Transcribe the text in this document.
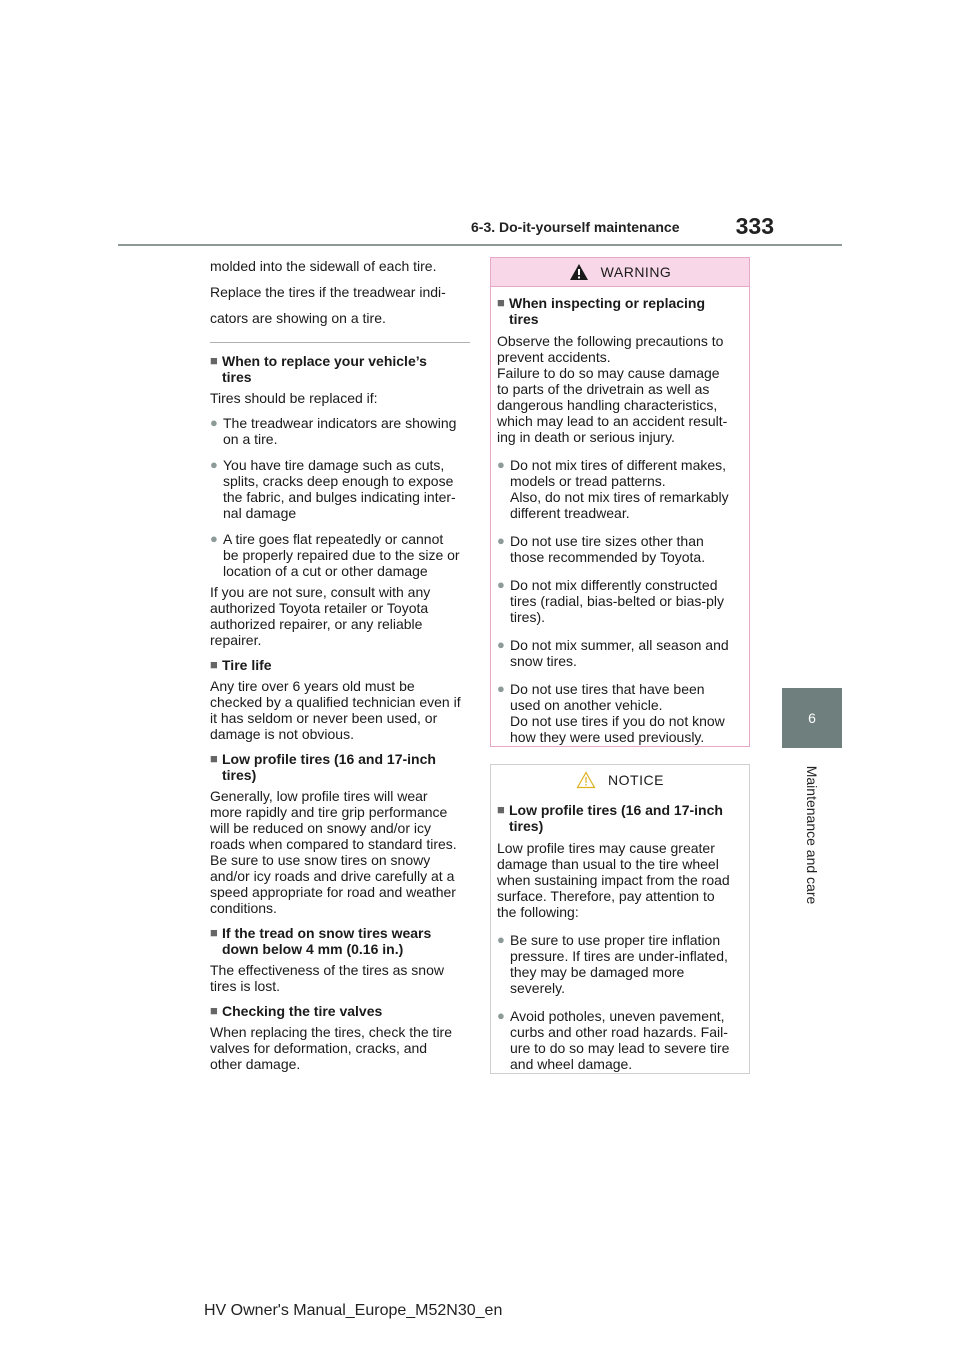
6-3. Do-it-yourself maintenance	333
6
Maintenance and care

molded into the sidewall of each tire.

Replace the tires if the treadwear indi-

cators are showing on a tire.

■ When to replace your vehicle’s
tires
Tires should be replaced if:
● The treadwear indicators are showing
on a tire.
● You have tire damage such as cuts,
splits, cracks deep enough to expose
the fabric, and bulges indicating inter-
nal damage
● A tire goes flat repeatedly or cannot
be properly repaired due to the size or
location of a cut or other damage
If you are not sure, consult with any
authorized Toyota retailer or Toyota
authorized repairer, or any reliable
repairer.
■ Tire life
Any tire over 6 years old must be
checked by a qualified technician even if
it has seldom or never been used, or
damage is not obvious.
■ Low profile tires (16 and 17-inch
tires)
Generally, low profile tires will wear
more rapidly and tire grip performance
will be reduced on snowy and/or icy
roads when compared to standard tires.
Be sure to use snow tires on snowy
and/or icy roads and drive carefully at a
speed appropriate for road and weather
conditions.
■ If the tread on snow tires wears
down below 4 mm (0.16 in.)
The effectiveness of the tires as snow
tires is lost.
■ Checking the tire valves
When replacing the tires, check the tire
valves for deformation, cracks, and
other damage.
WARNING
■ When inspecting or replacing
tires
Observe the following precautions to
prevent accidents.
Failure to do so may cause damage
to parts of the drivetrain as well as
dangerous handling characteristics,
which may lead to an accident result-
ing in death or serious injury.
● Do not mix tires of different makes,
models or tread patterns.
Also, do not mix tires of remarkably
different treadwear.
● Do not use tire sizes other than
those recommended by Toyota.
● Do not mix differently constructed
tires (radial, bias-belted or bias-ply
tires).
● Do not mix summer, all season and
snow tires.
● Do not use tires that have been
used on another vehicle.
Do not use tires if you do not know
how they were used previously.
NOTICE
■ Low profile tires (16 and 17-inch
tires)
Low profile tires may cause greater
damage than usual to the tire wheel
when sustaining impact from the road
surface. Therefore, pay attention to
the following:
● Be sure to use proper tire inflation
pressure. If tires are under-inflated,
they may be damaged more
severely.
● Avoid potholes, uneven pavement,
curbs and other road hazards. Fail-
ure to do so may lead to severe tire
and wheel damage.
HV Owner's Manual_Europe_M52N30_en
